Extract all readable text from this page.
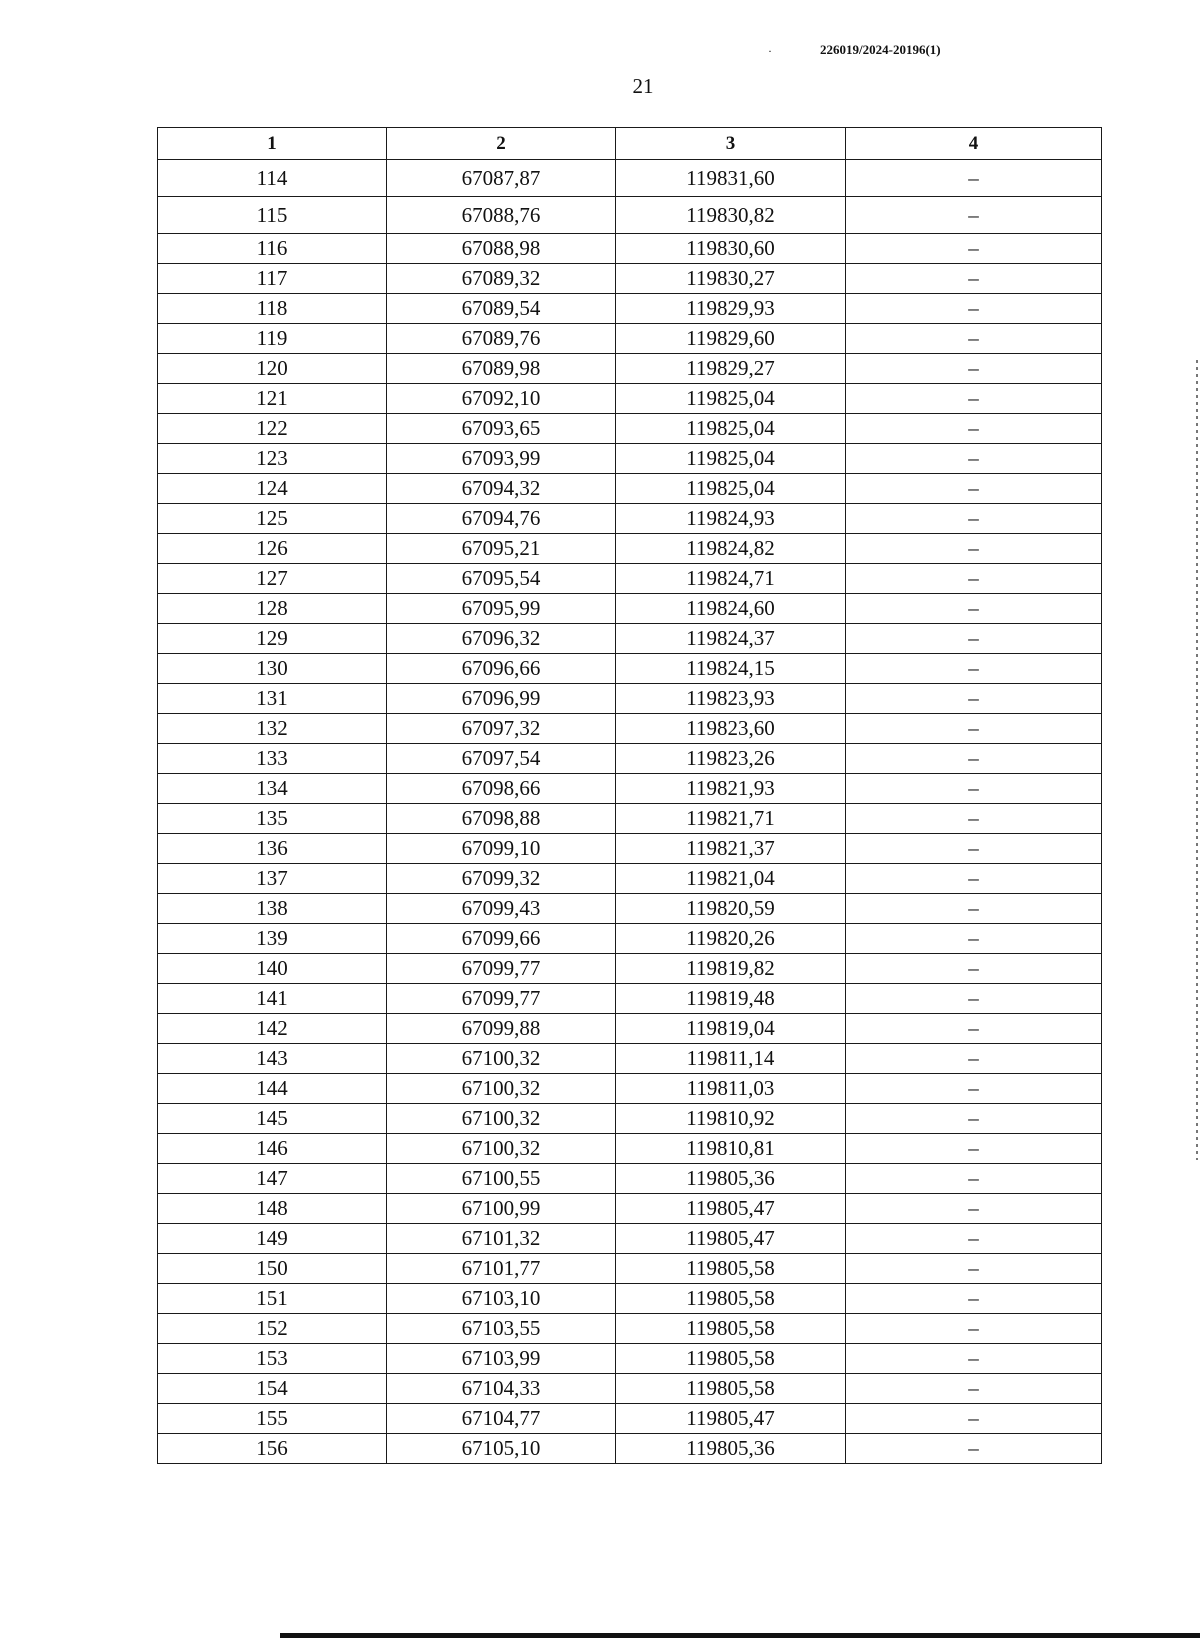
·	226019/2024-20196(1)
21
1	2	3	4
114	67087,87	119831,60	–
115	67088,76	119830,82	–
116	67088,98	119830,60	–
117	67089,32	119830,27	–
118	67089,54	119829,93	–
119	67089,76	119829,60	–
120	67089,98	119829,27	–
121	67092,10	119825,04	–
122	67093,65	119825,04	–
123	67093,99	119825,04	–
124	67094,32	119825,04	–
125	67094,76	119824,93	–
126	67095,21	119824,82	–
127	67095,54	119824,71	–
128	67095,99	119824,60	–
129	67096,32	119824,37	–
130	67096,66	119824,15	–
131	67096,99	119823,93	–
132	67097,32	119823,60	–
133	67097,54	119823,26	–
134	67098,66	119821,93	–
135	67098,88	119821,71	–
136	67099,10	119821,37	–
137	67099,32	119821,04	–
138	67099,43	119820,59	–
139	67099,66	119820,26	–
140	67099,77	119819,82	–
141	67099,77	119819,48	–
142	67099,88	119819,04	–
143	67100,32	119811,14	–
144	67100,32	119811,03	–
145	67100,32	119810,92	–
146	67100,32	119810,81	–
147	67100,55	119805,36	–
148	67100,99	119805,47	–
149	67101,32	119805,47	–
150	67101,77	119805,58	–
151	67103,10	119805,58	–
152	67103,55	119805,58	–
153	67103,99	119805,58	–
154	67104,33	119805,58	–
155	67104,77	119805,47	–
156	67105,10	119805,36	–
